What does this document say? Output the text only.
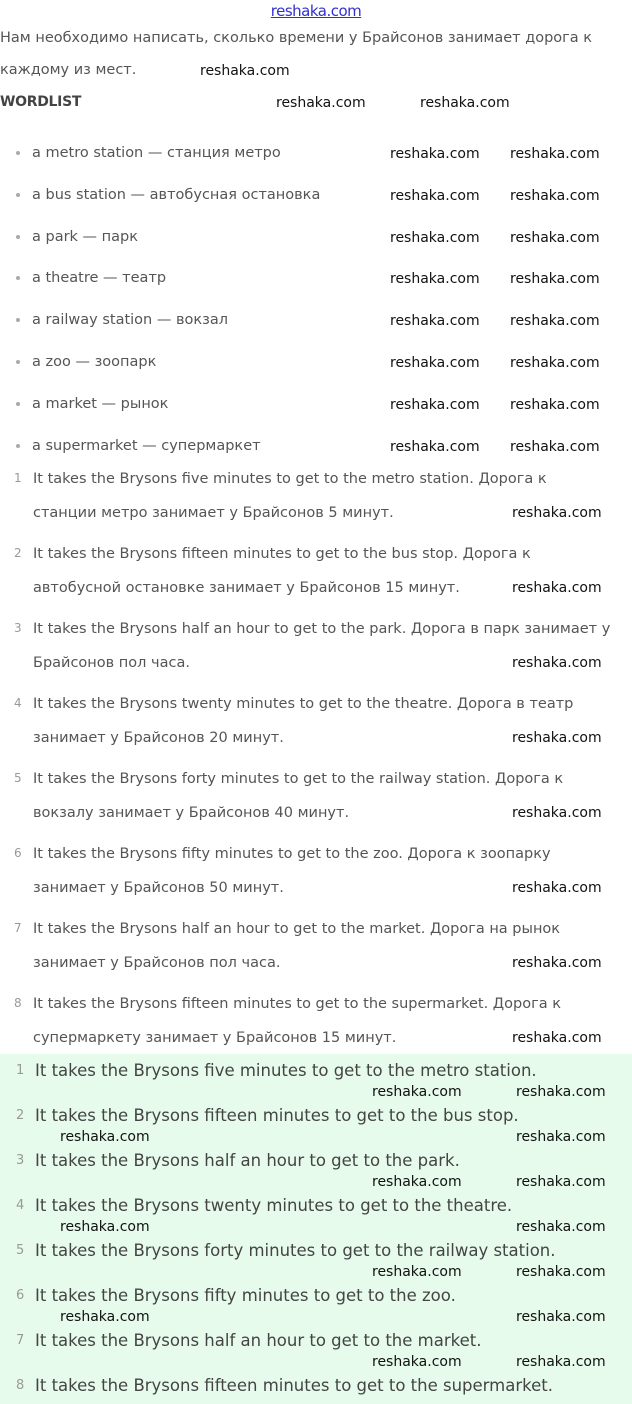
reshaka.com
Нам необходимо написать, сколько времени у Брайсонов занимает дорога к
каждому из мест.
WORDLIST
a metro station — станция метро
a bus station — автобусная остановка
a park — парк
a theatre — театр
a railway station — вокзал
a zoo — зоопарк
a market — рынок
a supermarket — супермаркет
1 It takes the Brysons five minutes to get to the metro station. Дорога к
станции метро занимает у Брайсонов 5 минут.
2 It takes the Brysons fifteen minutes to get to the bus stop. Дорога к
автобусной остановке занимает у Брайсонов 15 минут.
3 It takes the Brysons half an hour to get to the park. Дорога в парк занимает у
Брайсонов пол часа.
4 It takes the Brysons twenty minutes to get to the theatre. Дорога в театр
занимает у Брайсонов 20 минут.
5 It takes the Brysons forty minutes to get to the railway station. Дорога к
вокзалу занимает у Брайсонов 40 минут.
6 It takes the Brysons fifty minutes to get to the zoo. Дорога к зоопарку
занимает у Брайсонов 50 минут.
7 It takes the Brysons half an hour to get to the market. Дорога на рынок
занимает у Брайсонов пол часа.
8 It takes the Brysons fifteen minutes to get to the supermarket. Дорога к
супермаркету занимает у Брайсонов 15 минут.
1 It takes the Brysons five minutes to get to the metro station.
2 It takes the Brysons fifteen minutes to get to the bus stop.
3 It takes the Brysons half an hour to get to the park.
4 It takes the Brysons twenty minutes to get to the theatre.
5 It takes the Brysons forty minutes to get to the railway station.
6 It takes the Brysons fifty minutes to get to the zoo.
7 It takes the Brysons half an hour to get to the market.
8 It takes the Brysons fifteen minutes to get to the supermarket.
reshaka.com
reshaka.com	reshaka.com
reshaka.com reshaka.com
reshaka.com reshaka.com
reshaka.com reshaka.com
reshaka.com reshaka.com
reshaka.com reshaka.com
reshaka.com reshaka.com
reshaka.com reshaka.com
reshaka.com reshaka.com
reshaka.com
reshaka.com
reshaka.com
reshaka.com
reshaka.com
reshaka.com
reshaka.com
reshaka.com
reshaka.com	reshaka.com
reshaka.com	reshaka.com
reshaka.com	reshaka.com
reshaka.com	reshaka.com
reshaka.com	reshaka.com
reshaka.com	reshaka.com
reshaka.com	reshaka.com
